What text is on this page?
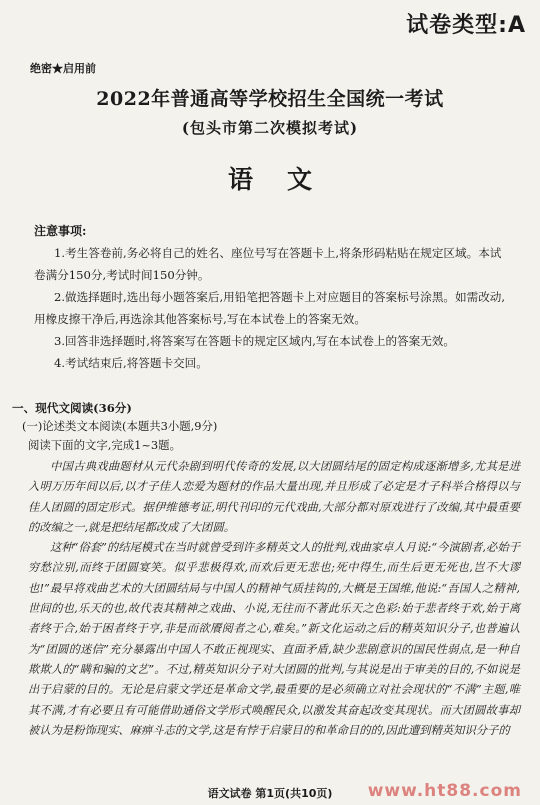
试卷类型:A
绝密★启用前
2022年普通高等学校招生全国统一考试
(包头市第二次模拟考试)
语文
注意事项:

1.考生答卷前,务必将自己的姓名、座位号写在答题卡上,将条形码粘贴在规定区域。本试卷满分150分,考试时间150分钟。

2.做选择题时,选出每小题答案后,用铅笔把答题卡上对应题目的答案标号涂黑。如需改动,用橡皮擦干净后,再选涂其他答案标号,写在本试卷上的答案无效。

3.回答非选择题时,将答案写在答题卡的规定区域内,写在本试卷上的答案无效。

4.考试结束后,将答题卡交回。

一、现代文阅读(36分)
(一)论述类文本阅读(本题共3小题,9分)
阅读下面的文字,完成1~3题。

中国古典戏曲题材从元代杂剧到明代传奇的发展,以大团圆结尾的固定构成逐渐增多,尤其是进入明万历年间以后,以才子佳人恋爱为题材的作品大量出现,并且形成了必定是才子科举合格得以与佳人团圆的固定形式。据伊维德考证,明代刊印的元代戏曲,大部分都对原戏进行了改编,其中最重要的改编之一,就是把结尾都改成了大团圆。

这种“俗套”的结尾模式在当时就曾受到许多精英文人的批判,戏曲家卓人月说:“今演剧者,必始于穷愁泣别,而终于团圆宴笑。似乎悲极得欢,而欢后更无悲也;死中得生,而生后更无死也,岂不大谬也!”最早将戏曲艺术的大团圆结局与中国人的精神气质挂钩的,大概是王国维,他说:“吾国人之精神,世间的也,乐天的也,故代表其精神之戏曲、小说,无往而不著此乐天之色彩:始于悲者终于欢,始于离者终于合,始于困者终于亨,非是而欲餍阅者之心,难矣。”新文化运动之后的精英知识分子,也普遍认为“团圆的迷信”充分暴露出中国人不敢正视现实、直面矛盾,缺少悲剧意识的国民性弱点,是一种自欺欺人的“瞒和骗的文艺”。不过,精英知识分子对大团圆的批判,与其说是出于审美的目的,不如说是出于启蒙的目的。无论是启蒙文学还是革命文学,最重要的是必须确立对社会现状的“不满”主题,唯其不满,才有必要且有可能借助通俗文学形式唤醒民众,以激发其奋起改变其现状。而大团圆故事却被认为是粉饰现实、麻痹斗志的文学,这是有悖于启蒙目的和革命目的的,因此遭到精英知识分子的

语文试卷 第1页(共10页)	www.ht88.com
